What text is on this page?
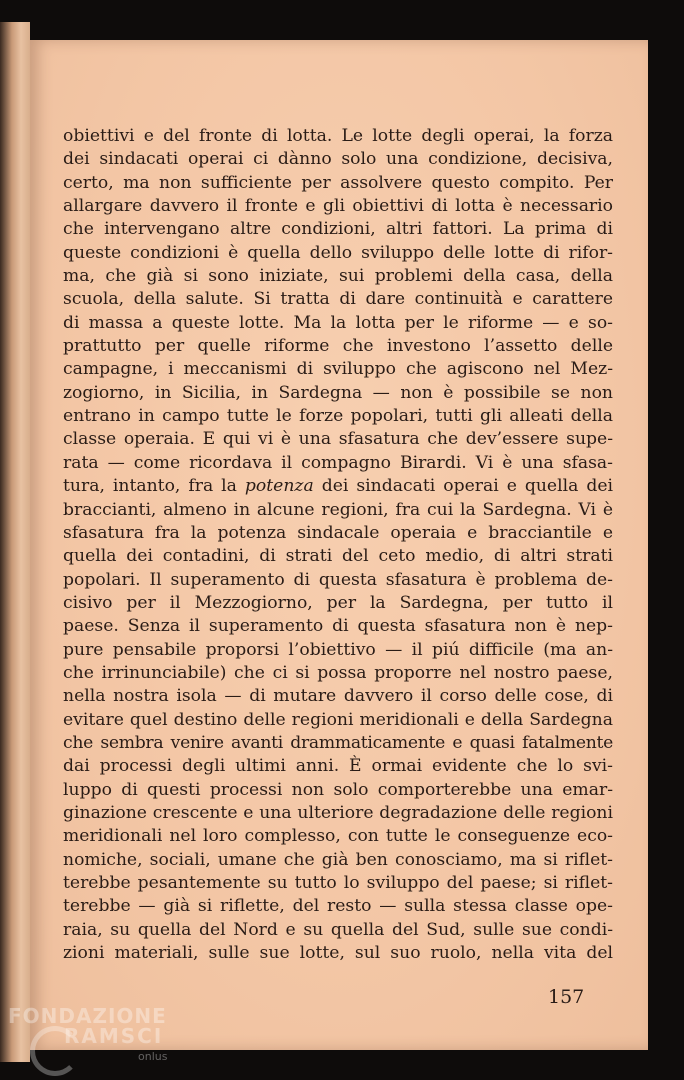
obiettivi e del fronte di lotta. Le lotte degli operai, la forza
dei sindacati operai ci dànno solo una condizione, decisiva,
certo, ma non sufficiente per assolvere questo compito. Per
allargare davvero il fronte e gli obiettivi di lotta è necessario
che intervengano altre condizioni, altri fattori. La prima di
queste condizioni è quella dello sviluppo delle lotte di rifor-
ma, che già si sono iniziate, sui problemi della casa, della
scuola, della salute. Si tratta di dare continuità e carattere
di massa a queste lotte. Ma la lotta per le riforme — e so-
prattutto per quelle riforme che investono l’assetto delle
campagne, i meccanismi di sviluppo che agiscono nel Mez-
zogiorno, in Sicilia, in Sardegna — non è possibile se non
entrano in campo tutte le forze popolari, tutti gli alleati della
classe operaia. E qui vi è una sfasatura che dev’essere supe-
rata — come ricordava il compagno Birardi. Vi è una sfasa-
tura, intanto, fra la potenza dei sindacati operai e quella dei
braccianti, almeno in alcune regioni, fra cui la Sardegna. Vi è
sfasatura fra la potenza sindacale operaia e bracciantile e
quella dei contadini, di strati del ceto medio, di altri strati
popolari. Il superamento di questa sfasatura è problema de-
cisivo per il Mezzogiorno, per la Sardegna, per tutto il
paese. Senza il superamento di questa sfasatura non è nep-
pure pensabile proporsi l’obiettivo — il piú difficile (ma an-
che irrinunciabile) che ci si possa proporre nel nostro paese,
nella nostra isola — di mutare davvero il corso delle cose, di
evitare quel destino delle regioni meridionali e della Sardegna
che sembra venire avanti drammaticamente e quasi fatalmente
dai processi degli ultimi anni. È ormai evidente che lo svi-
luppo di questi processi non solo comporterebbe una emar-
ginazione crescente e una ulteriore degradazione delle regioni
meridionali nel loro complesso, con tutte le conseguenze eco-
nomiche, sociali, umane che già ben conosciamo, ma si riflet-
terebbe pesantemente su tutto lo sviluppo del paese; si riflet-
terebbe — già si riflette, del resto — sulla stessa classe ope-
raia, su quella del Nord e su quella del Sud, sulle sue condi-
zioni materiali, sulle sue lotte, sul suo ruolo, nella vita del
157
FONDAZIONE
RAMSCI
onlus
